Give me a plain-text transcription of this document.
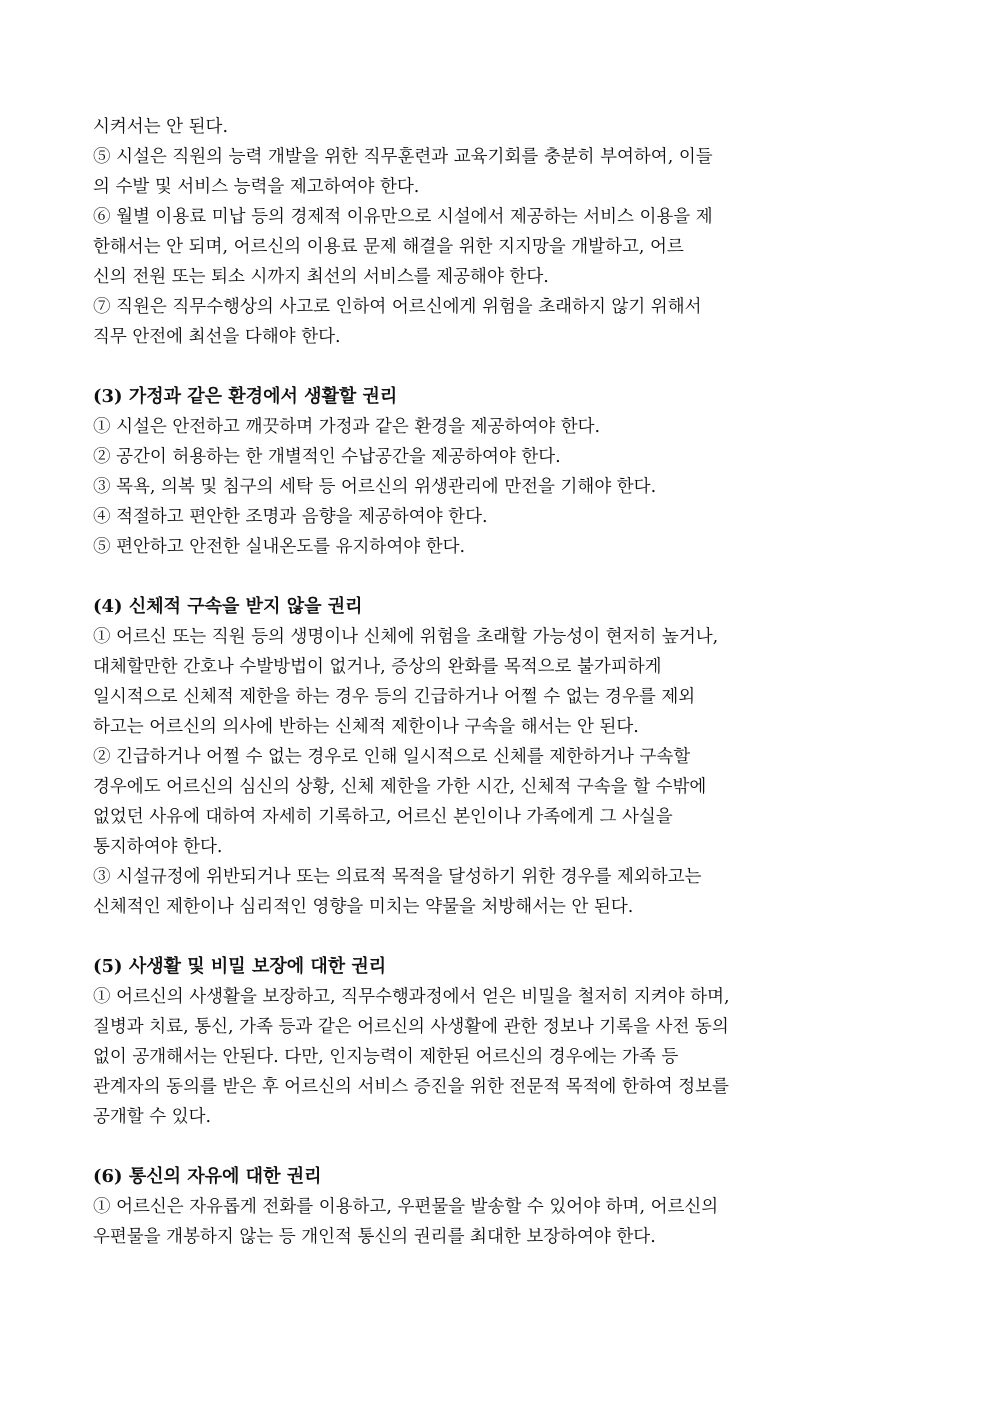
시켜서는 안 된다.
⑤ 시설은 직원의 능력 개발을 위한 직무훈련과 교육기회를 충분히 부여하여, 이들
의 수발 및 서비스 능력을 제고하여야 한다.
⑥ 월별 이용료 미납 등의 경제적 이유만으로 시설에서 제공하는 서비스 이용을 제
한해서는 안 되며, 어르신의 이용료 문제 해결을 위한 지지망을 개발하고, 어르
신의 전원 또는 퇴소 시까지 최선의 서비스를 제공해야 한다.
⑦ 직원은 직무수행상의 사고로 인하여 어르신에게 위험을 초래하지 않기 위해서
직무 안전에 최선을 다해야 한다.
(3) 가정과 같은 환경에서 생활할 권리
① 시설은 안전하고 깨끗하며 가정과 같은 환경을 제공하여야 한다.
② 공간이 허용하는 한 개별적인 수납공간을 제공하여야 한다.
③ 목욕, 의복 및 침구의 세탁 등 어르신의 위생관리에 만전을 기해야 한다.
④ 적절하고 편안한 조명과 음향을 제공하여야 한다.
⑤ 편안하고 안전한 실내온도를 유지하여야 한다.
(4) 신체적 구속을 받지 않을 권리
① 어르신 또는 직원 등의 생명이나 신체에 위험을 초래할 가능성이 현저히 높거나,
대체할만한 간호나 수발방법이 없거나, 증상의 완화를 목적으로 불가피하게
일시적으로 신체적 제한을 하는 경우 등의 긴급하거나 어쩔 수 없는 경우를 제외
하고는 어르신의 의사에 반하는 신체적 제한이나 구속을 해서는 안 된다.
② 긴급하거나 어쩔 수 없는 경우로 인해 일시적으로 신체를 제한하거나 구속할
경우에도 어르신의 심신의 상황, 신체 제한을 가한 시간, 신체적 구속을 할 수밖에
없었던 사유에 대하여 자세히 기록하고, 어르신 본인이나 가족에게 그 사실을
통지하여야 한다.
③ 시설규정에 위반되거나 또는 의료적 목적을 달성하기 위한 경우를 제외하고는
신체적인 제한이나 심리적인 영향을 미치는 약물을 처방해서는 안 된다.
(5) 사생활 및 비밀 보장에 대한 권리
① 어르신의 사생활을 보장하고, 직무수행과정에서 얻은 비밀을 철저히 지켜야 하며,
질병과 치료, 통신, 가족 등과 같은 어르신의 사생활에 관한 정보나 기록을 사전 동의
없이 공개해서는 안된다. 다만, 인지능력이 제한된 어르신의 경우에는 가족 등
관계자의 동의를 받은 후 어르신의 서비스 증진을 위한 전문적 목적에 한하여 정보를
공개할 수 있다.
(6) 통신의 자유에 대한 권리
① 어르신은 자유롭게 전화를 이용하고, 우편물을 발송할 수 있어야 하며, 어르신의
우편물을 개봉하지 않는 등 개인적 통신의 권리를 최대한 보장하여야 한다.
